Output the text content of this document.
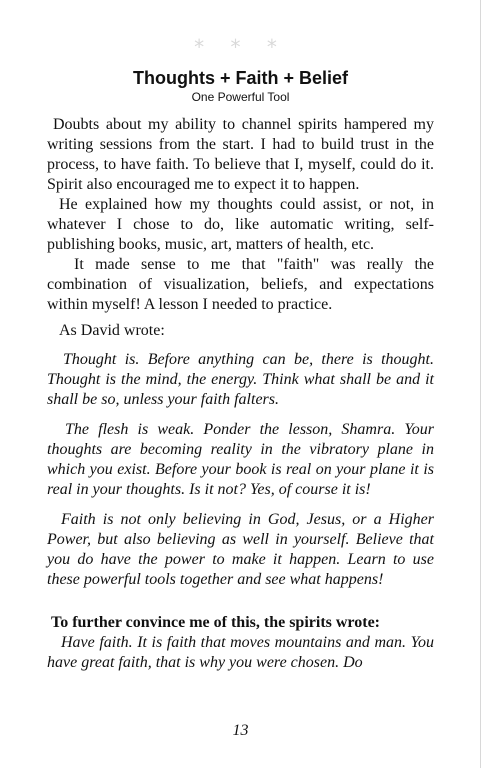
* * *
Thoughts + Faith + Belief
One Powerful Tool

Doubts about my ability to channel spirits hampered my writing sessions from the start. I had to build trust in the process, to have faith. To believe that I, myself, could do it. Spirit also encouraged me to expect it to happen.

He explained how my thoughts could assist, or not, in whatever I chose to do, like automatic writing, self-publishing books, music, art, matters of health, etc.

It made sense to me that "faith" was really the combination of visualization, beliefs, and expectations within myself! A lesson I needed to practice.

As David wrote:

Thought is. Before anything can be, there is thought. Thought is the mind, the energy. Think what shall be and it shall be so, unless your faith falters.

The flesh is weak. Ponder the lesson, Shamra. Your thoughts are becoming reality in the vibratory plane in which you exist. Before your book is real on your plane it is real in your thoughts. Is it not? Yes, of course it is!

Faith is not only believing in God, Jesus, or a Higher Power, but also believing as well in yourself. Believe that you do have the power to make it happen. Learn to use these powerful tools together and see what happens!

To further convince me of this, the spirits wrote:

Have faith. It is faith that moves mountains and man. You have great faith, that is why you were chosen. Do

13
